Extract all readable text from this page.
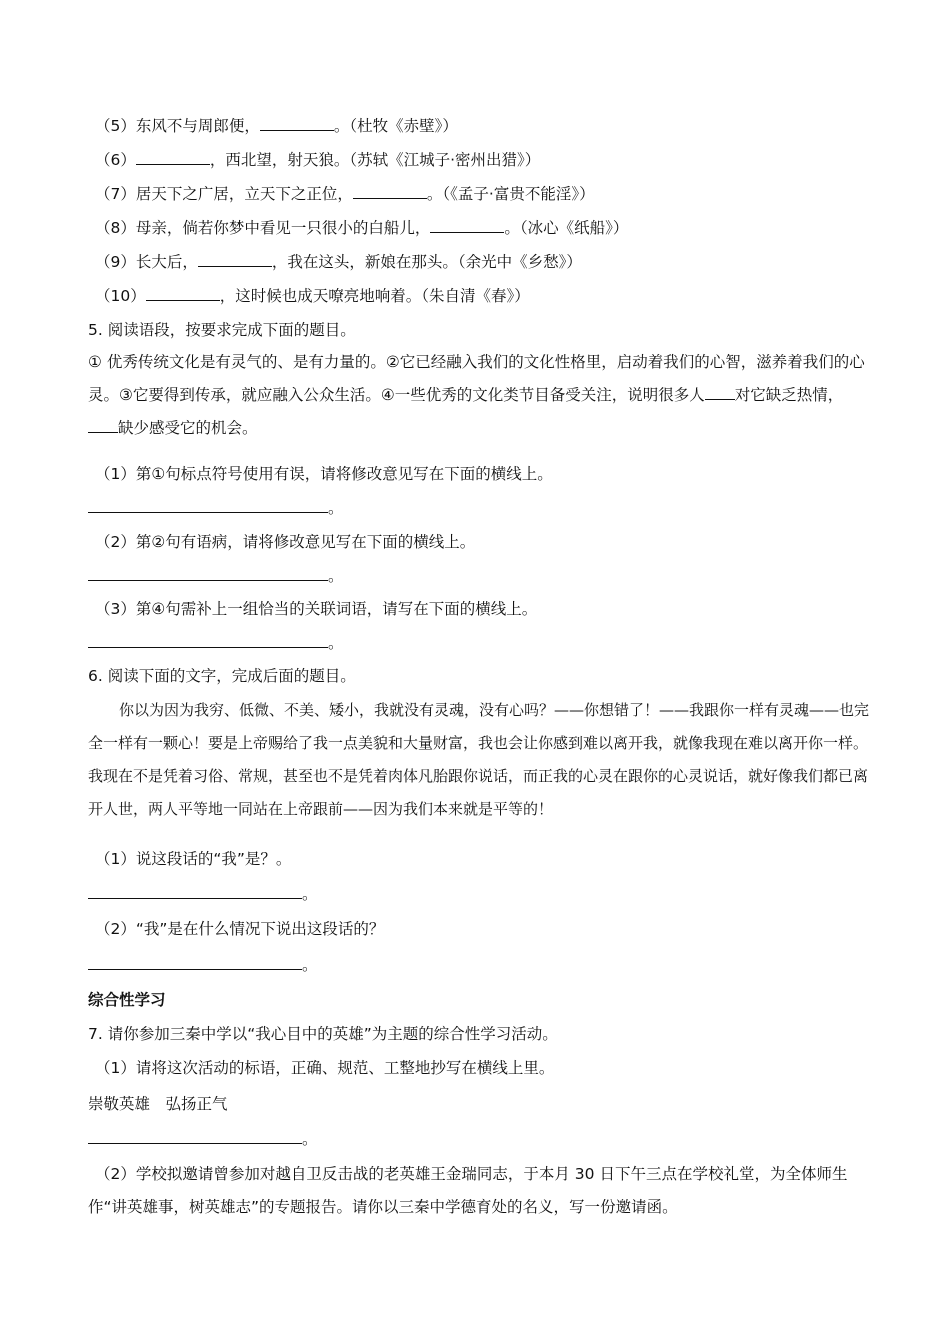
（5）东风不与周郎便，	。（杜牧《赤壁》）
（6）	，西北望，射天狼。（苏轼《江城子·密州出猎》）
（7）居天下之广居，立天下之正位，	。（《孟子·富贵不能淫》）
（8）母亲，倘若你梦中看见一只很小的白船儿，	。（冰心《纸船》）
（9）长大后，	，我在这头，新娘在那头。（余光中《乡愁》）
（10）	，这时候也成天嘹亮地响着。（朱自清《春》）
5. 阅读语段，按要求完成下面的题目。
① 优秀传统文化是有灵气的、是有力量的。②它已经融入我们的文化性格里，启动着我们的心智，滋养着我们的心灵。③它要得到传承，就应融入公众生活。④一些优秀的文化类节目备受关注，说明很多人 对它缺乏热情，缺少感受它的机会。
（1）第①句标点符号使用有误，请将修改意见写在下面的横线上。
。
（2）第②句有语病，请将修改意见写在下面的横线上。
。
（3）第④句需补上一组恰当的关联词语，请写在下面的横线上。
。
6. 阅读下面的文字，完成后面的题目。
你以为因为我穷、低微、不美、矮小，我就没有灵魂，没有心吗？——你想错了！——我跟你一样有灵魂——也完全一样有一颗心！要是上帝赐给了我一点美貌和大量财富，我也会让你感到难以离开我，就像我现在难以离开你一样。我现在不是凭着习俗、常规，甚至也不是凭着肉体凡胎跟你说话，而正我的心灵在跟你的心灵说话，就好像我们都已离开人世，两人平等地一同站在上帝跟前——因为我们本来就是平等的！
（1）说这段话的“我”是？。
。
（2）“我”是在什么情况下说出这段话的？
。
综合性学习
7. 请你参加三秦中学以“我心目中的英雄”为主题的综合性学习活动。
（1）请将这次活动的标语，正确、规范、工整地抄写在横线上里。
崇敬英雄　弘扬正气
。
（2）学校拟邀请曾参加对越自卫反击战的老英雄王金瑞同志，于本月 30 日下午三点在学校礼堂，为全体师生作“讲英雄事，树英雄志”的专题报告。请你以三秦中学德育处的名义，写一份邀请函。
